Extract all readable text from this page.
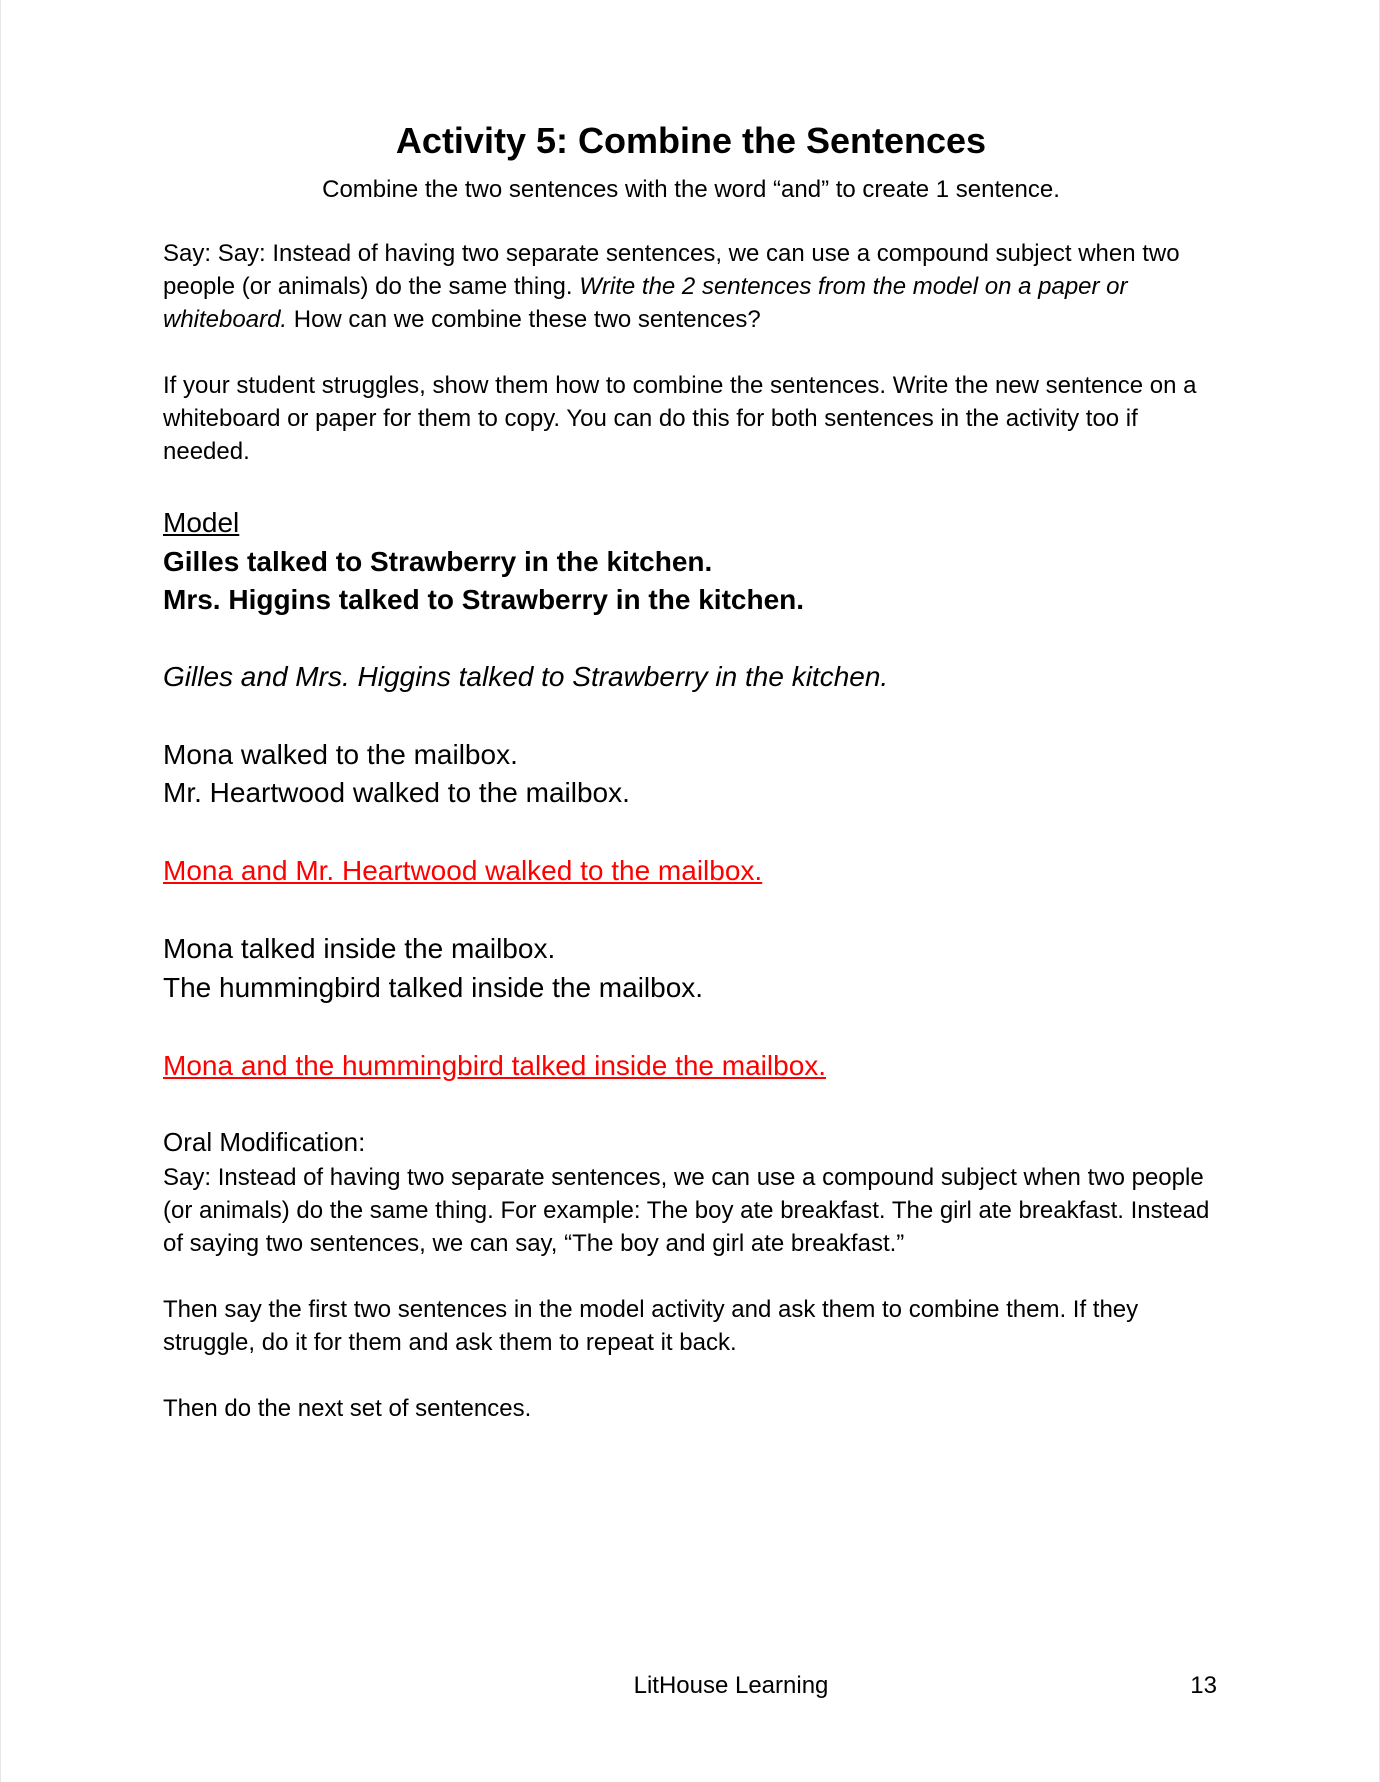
Activity 5: Combine the Sentences

Combine the two sentences with the word “and” to create 1 sentence.

Say: Say: Instead of having two separate sentences, we can use a compound subject when two people (or animals) do the same thing. Write the 2 sentences from the model on a paper or whiteboard. How can we combine these two sentences?

If your student struggles, show them how to combine the sentences. Write the new sentence on a whiteboard or paper for them to copy. You can do this for both sentences in the activity too if needed.

Model

Gilles talked to Strawberry in the kitchen.

Mrs. Higgins talked to Strawberry in the kitchen.

Gilles and Mrs. Higgins talked to Strawberry in the kitchen.

Mona walked to the mailbox.

Mr. Heartwood walked to the mailbox.

Mona and Mr. Heartwood walked to the mailbox.

Mona talked inside the mailbox.

The hummingbird talked inside the mailbox.

Mona and the hummingbird talked inside the mailbox.

Oral Modification:

Say: Instead of having two separate sentences, we can use a compound subject when two people (or animals) do the same thing. For example: The boy ate breakfast. The girl ate breakfast. Instead of saying two sentences, we can say, “The boy and girl ate breakfast.”

Then say the first two sentences in the model activity and ask them to combine them. If they struggle, do it for them and ask them to repeat it back.

Then do the next set of sentences.

LitHouse Learning	13
